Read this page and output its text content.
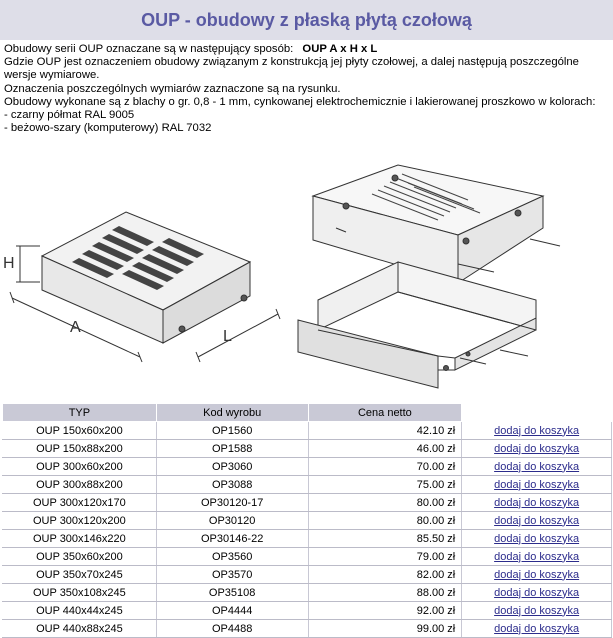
OUP - obudowy z płaską płytą czołową

Obudowy serii OUP oznaczane są w następujący sposób: OUP A x H x L

Gdzie OUP jest oznaczeniem obudowy związanym z konstrukcją jej płyty czołowej, a dalej następują poszczególne wersje wymiarowe.

Oznaczenia poszczególnych wymiarów zaznaczone są na rysunku.

Obudowy wykonane są z blachy o gr. 0,8 - 1 mm, cynkowanej elektrochemicznie i lakierowanej proszkowo w kolorach:

- czarny półmat RAL 9005

- beżowo-szary (komputerowy) RAL 7032

H
A
L
TYP	Kod wyrobu	Cena netto	
OUP 150x60x200	OP1560	42.10 zł	dodaj do koszyka
OUP 150x88x200	OP1588	46.00 zł	dodaj do koszyka
OUP 300x60x200	OP3060	70.00 zł	dodaj do koszyka
OUP 300x88x200	OP3088	75.00 zł	dodaj do koszyka
OUP 300x120x170	OP30120-17	80.00 zł	dodaj do koszyka
OUP 300x120x200	OP30120	80.00 zł	dodaj do koszyka
OUP 300x146x220	OP30146-22	85.50 zł	dodaj do koszyka
OUP 350x60x200	OP3560	79.00 zł	dodaj do koszyka
OUP 350x70x245	OP3570	82.00 zł	dodaj do koszyka
OUP 350x108x245	OP35108	88.00 zł	dodaj do koszyka
OUP 440x44x245	OP4444	92.00 zł	dodaj do koszyka
OUP 440x88x245	OP4488	99.00 zł	dodaj do koszyka
